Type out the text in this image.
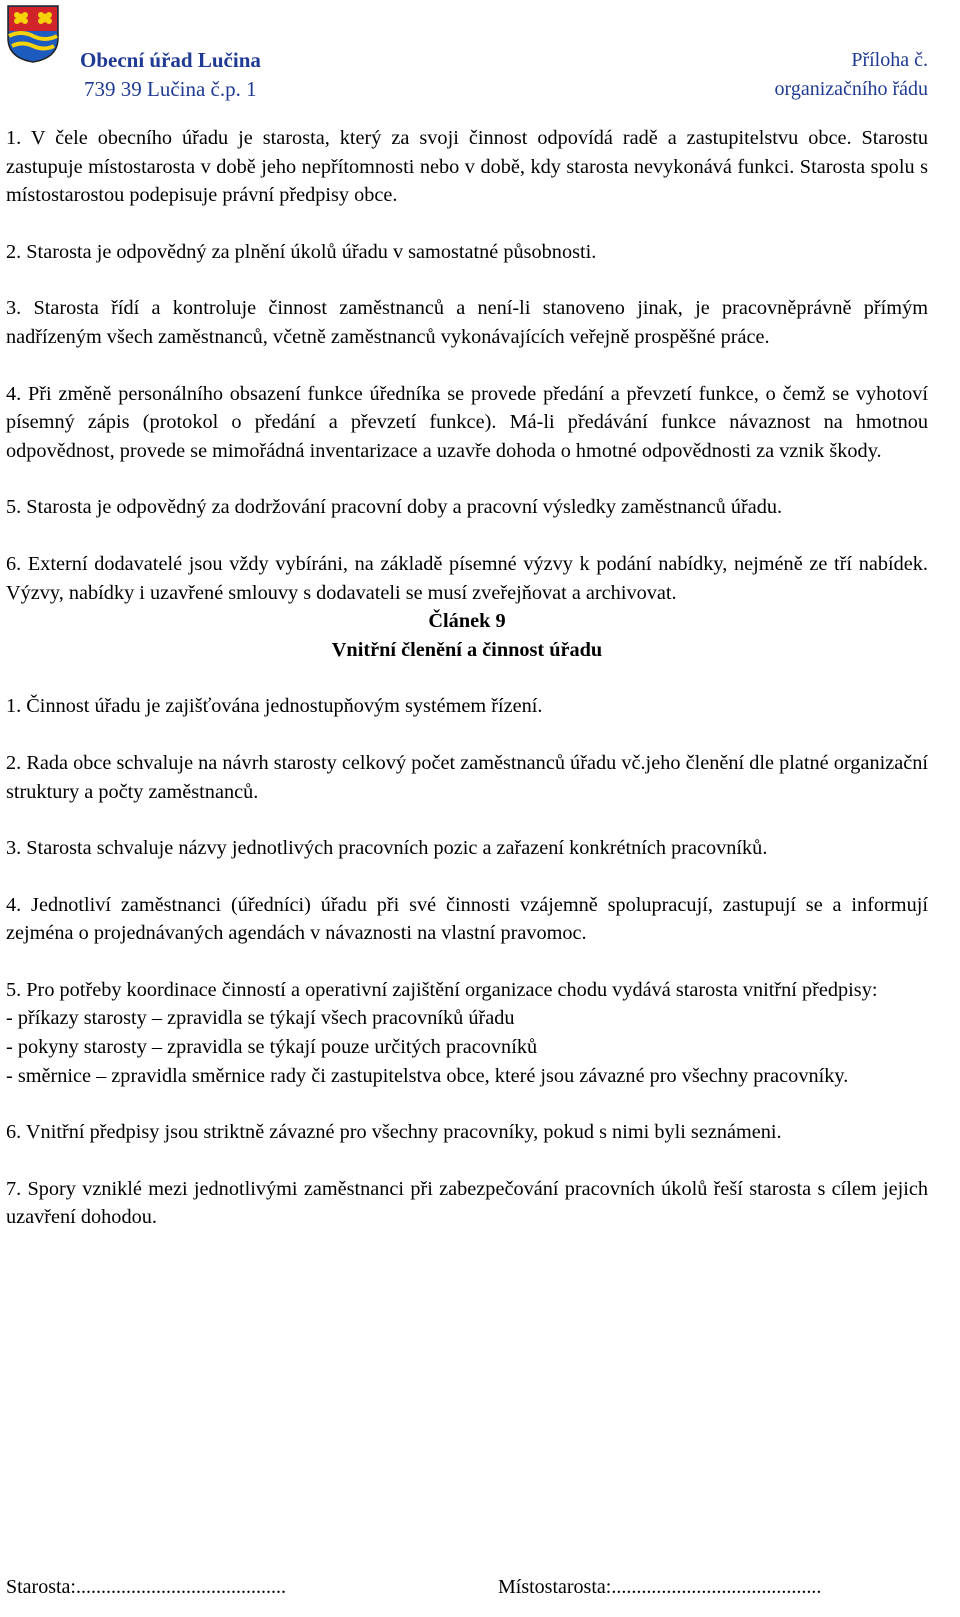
Obecní úřad Lučina
739 39 Lučina č.p. 1
Příloha č.
organizačního řádu

1. V čele obecního úřadu je starosta, který za svoji činnost odpovídá radě a zastupitelstvu obce. Starostu zastupuje místostarosta v době jeho nepřítomnosti nebo v době, kdy starosta nevykonává funkci. Starosta spolu s místostarostou podepisuje právní předpisy obce.

2. Starosta je odpovědný za plnění úkolů úřadu v samostatné působnosti.

3. Starosta řídí a kontroluje činnost zaměstnanců a není-li stanoveno jinak, je pracovněprávně přímým nadřízeným všech zaměstnanců, včetně zaměstnanců vykonávajících veřejně prospěšné práce.

4. Při změně personálního obsazení funkce úředníka se provede předání a převzetí funkce, o čemž se vyhotoví písemný zápis (protokol o předání a převzetí funkce). Má-li předávání funkce návaznost na hmotnou odpovědnost, provede se mimořádná inventarizace a uzavře dohoda o hmotné odpovědnosti za vznik škody.

5. Starosta je odpovědný za dodržování pracovní doby a pracovní výsledky zaměstnanců úřadu.

6. Externí dodavatelé jsou vždy vybíráni, na základě písemné výzvy k podání nabídky, nejméně ze tří nabídek. Výzvy, nabídky i uzavřené smlouvy s dodavateli se musí zveřejňovat a archivovat.

Článek 9
Vnitřní členění a činnost úřadu

1. Činnost úřadu je zajišťována jednostupňovým systémem řízení.

2. Rada obce schvaluje na návrh starosty celkový počet zaměstnanců úřadu vč.jeho členění dle platné organizační struktury a počty zaměstnanců.

3. Starosta schvaluje názvy jednotlivých pracovních pozic a zařazení konkrétních pracovníků.

4. Jednotliví zaměstnanci (úředníci) úřadu při své činnosti vzájemně spolupracují, zastupují se a informují zejména o projednávaných agendách v návaznosti na vlastní pravomoc.

5. Pro potřeby koordinace činností a operativní zajištění organizace chodu vydává starosta vnitřní předpisy:
- příkazy starosty – zpravidla se týkají všech pracovníků úřadu
- pokyny starosty – zpravidla se týkají pouze určitých pracovníků
- směrnice – zpravidla směrnice rady či zastupitelstva obce, které jsou závazné pro všechny pracovníky.

6. Vnitřní předpisy jsou striktně závazné pro všechny pracovníky, pokud s nimi byli seznámeni.

7. Spory vzniklé mezi jednotlivými zaměstnanci při zabezpečování pracovních úkolů řeší starosta s cílem jejich uzavření dohodou.

Starosta:..........................................	Místostarosta:..........................................
